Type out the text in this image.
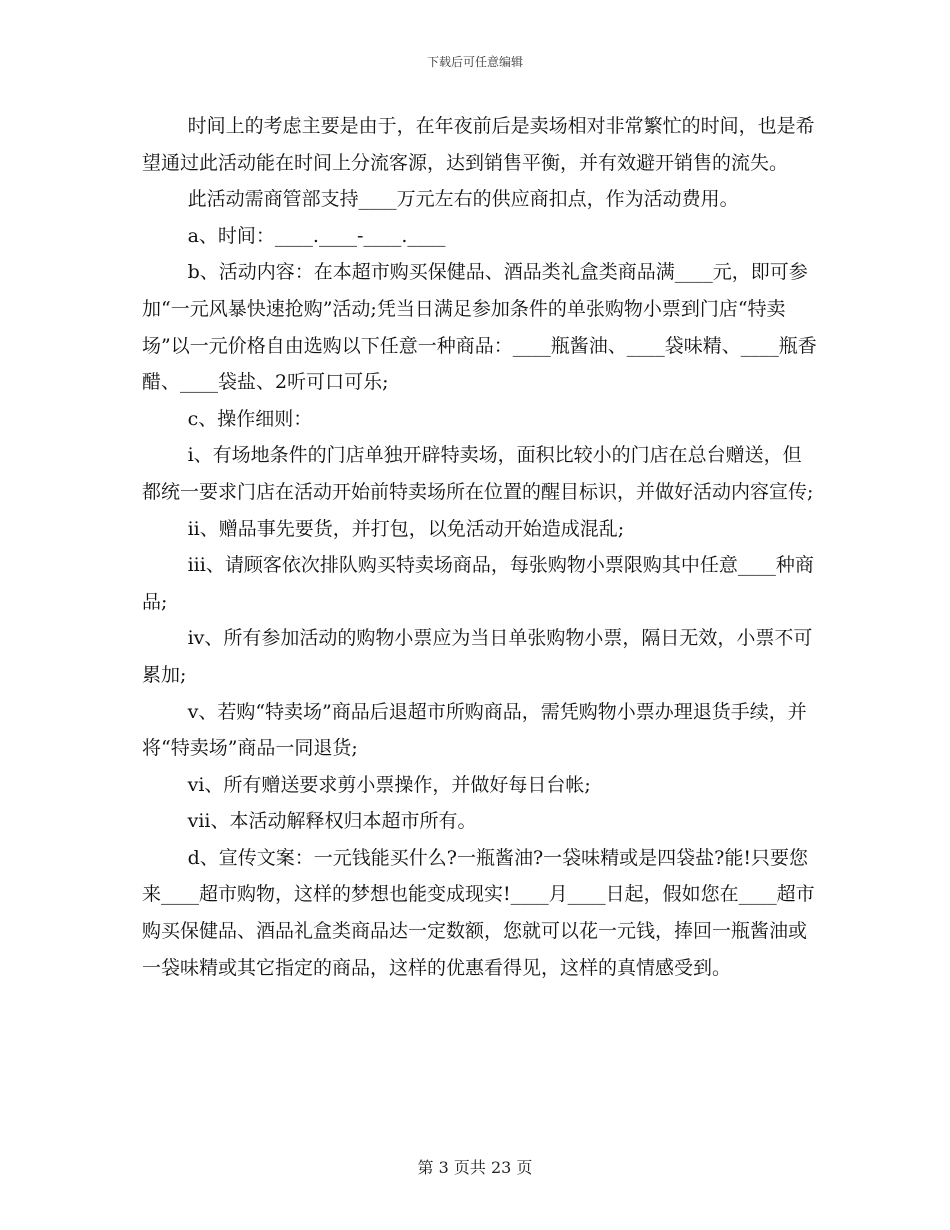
下载后可任意编辑

时间上的考虑主要是由于，在年夜前后是卖场相对非常繁忙的时间，也是希望通过此活动能在时间上分流客源，达到销售平衡，并有效避开销售的流失。

此活动需商管部支持____万元左右的供应商扣点，作为活动费用。

a、时间：____.____-____.____

b、活动内容：在本超市购买保健品、酒品类礼盒类商品满____元，即可参加“一元风暴快速抢购”活动;凭当日满足参加条件的单张购物小票到门店“特卖场”以一元价格自由选购以下任意一种商品：____瓶酱油、____袋味精、____瓶香醋、____袋盐、2听可口可乐;

c、操作细则：

i、有场地条件的门店单独开辟特卖场，面积比较小的门店在总台赠送，但都统一要求门店在活动开始前特卖场所在位置的醒目标识，并做好活动内容宣传;

ii、赠品事先要货，并打包，以免活动开始造成混乱;

iii、请顾客依次排队购买特卖场商品，每张购物小票限购其中任意____种商品;

iv、所有参加活动的购物小票应为当日单张购物小票，隔日无效，小票不可累加;

v、若购“特卖场”商品后退超市所购商品，需凭购物小票办理退货手续，并将“特卖场”商品一同退货;

vi、所有赠送要求剪小票操作，并做好每日台帐;

vii、本活动解释权归本超市所有。

d、宣传文案：一元钱能买什么?一瓶酱油?一袋味精或是四袋盐?能!只要您来____超市购物，这样的梦想也能变成现实!____月____日起，假如您在____超市购买保健品、酒品礼盒类商品达一定数额，您就可以花一元钱，捧回一瓶酱油或一袋味精或其它指定的商品，这样的优惠看得见，这样的真情感受到。

第 3 页共 23 页
